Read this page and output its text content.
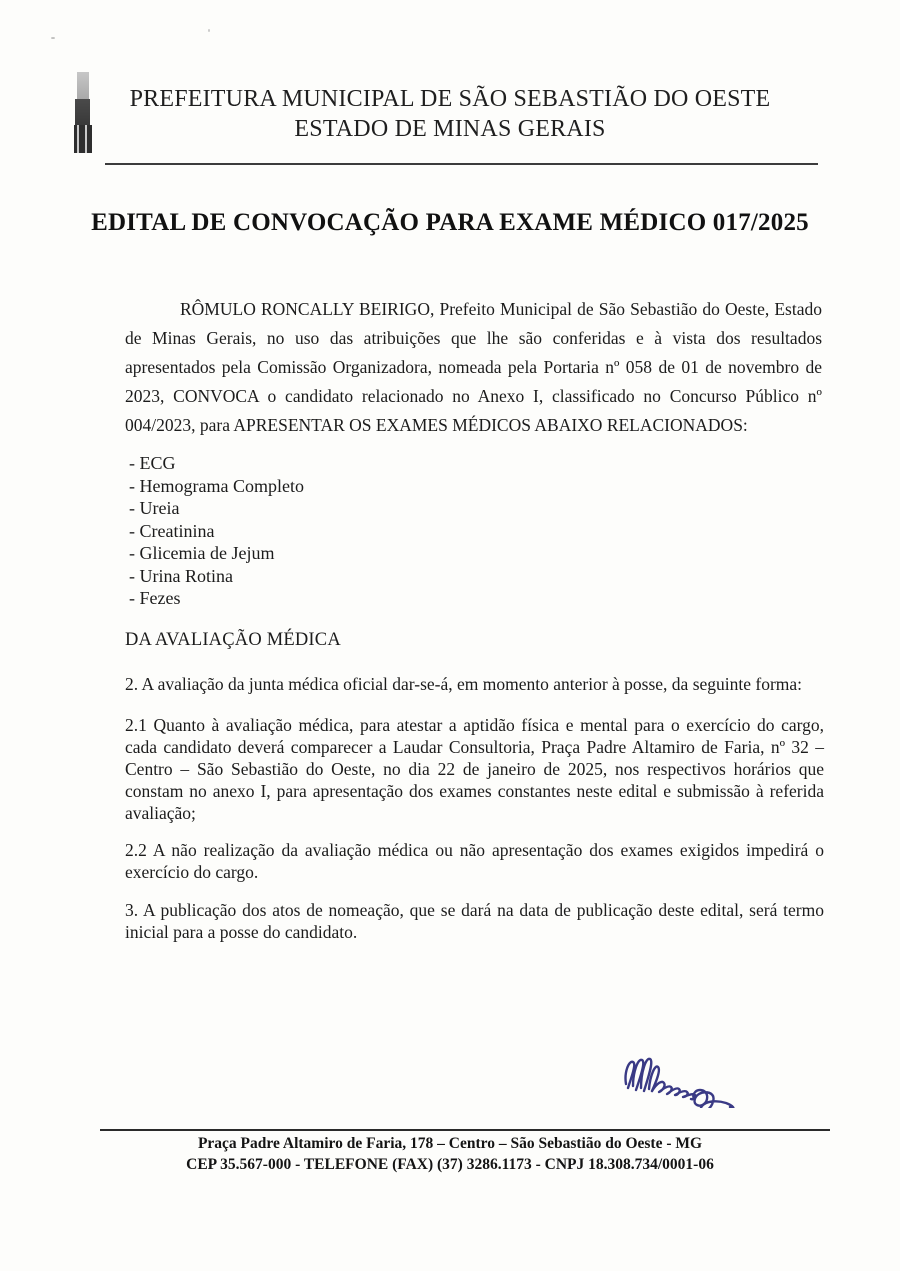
PREFEITURA MUNICIPAL DE SÃO SEBASTIÃO DO OESTE
ESTADO DE MINAS GERAIS
EDITAL DE CONVOCAÇÃO PARA EXAME MÉDICO 017/2025

RÔMULO RONCALLY BEIRIGO, Prefeito Municipal de São Sebastião do Oeste, Estado de Minas Gerais, no uso das atribuições que lhe são conferidas e à vista dos resultados apresentados pela Comissão Organizadora, nomeada pela Portaria nº 058 de 01 de novembro de 2023, CONVOCA o candidato relacionado no Anexo I, classificado no Concurso Público nº 004/2023, para APRESENTAR OS EXAMES MÉDICOS ABAIXO RELACIONADOS:

- ECG
- Hemograma Completo
- Ureia
- Creatinina
- Glicemia de Jejum
- Urina Rotina
- Fezes
DA AVALIAÇÃO MÉDICA

2. A avaliação da junta médica oficial dar-se-á, em momento anterior à posse, da seguinte forma:

2.1 Quanto à avaliação médica, para atestar a aptidão física e mental para o exercício do cargo, cada candidato deverá comparecer a Laudar Consultoria, Praça Padre Altamiro de Faria, nº 32 – Centro – São Sebastião do Oeste, no dia 22 de janeiro de 2025, nos respectivos horários que constam no anexo I, para apresentação dos exames constantes neste edital e submissão à referida avaliação;

2.2 A não realização da avaliação médica ou não apresentação dos exames exigidos impedirá o exercício do cargo.

3. A publicação dos atos de nomeação, que se dará na data de publicação deste edital, será termo inicial para a posse do candidato.

Praça Padre Altamiro de Faria, 178 – Centro – São Sebastião do Oeste - MG
CEP 35.567-000 - TELEFONE (FAX) (37) 3286.1173 - CNPJ 18.308.734/0001-06
